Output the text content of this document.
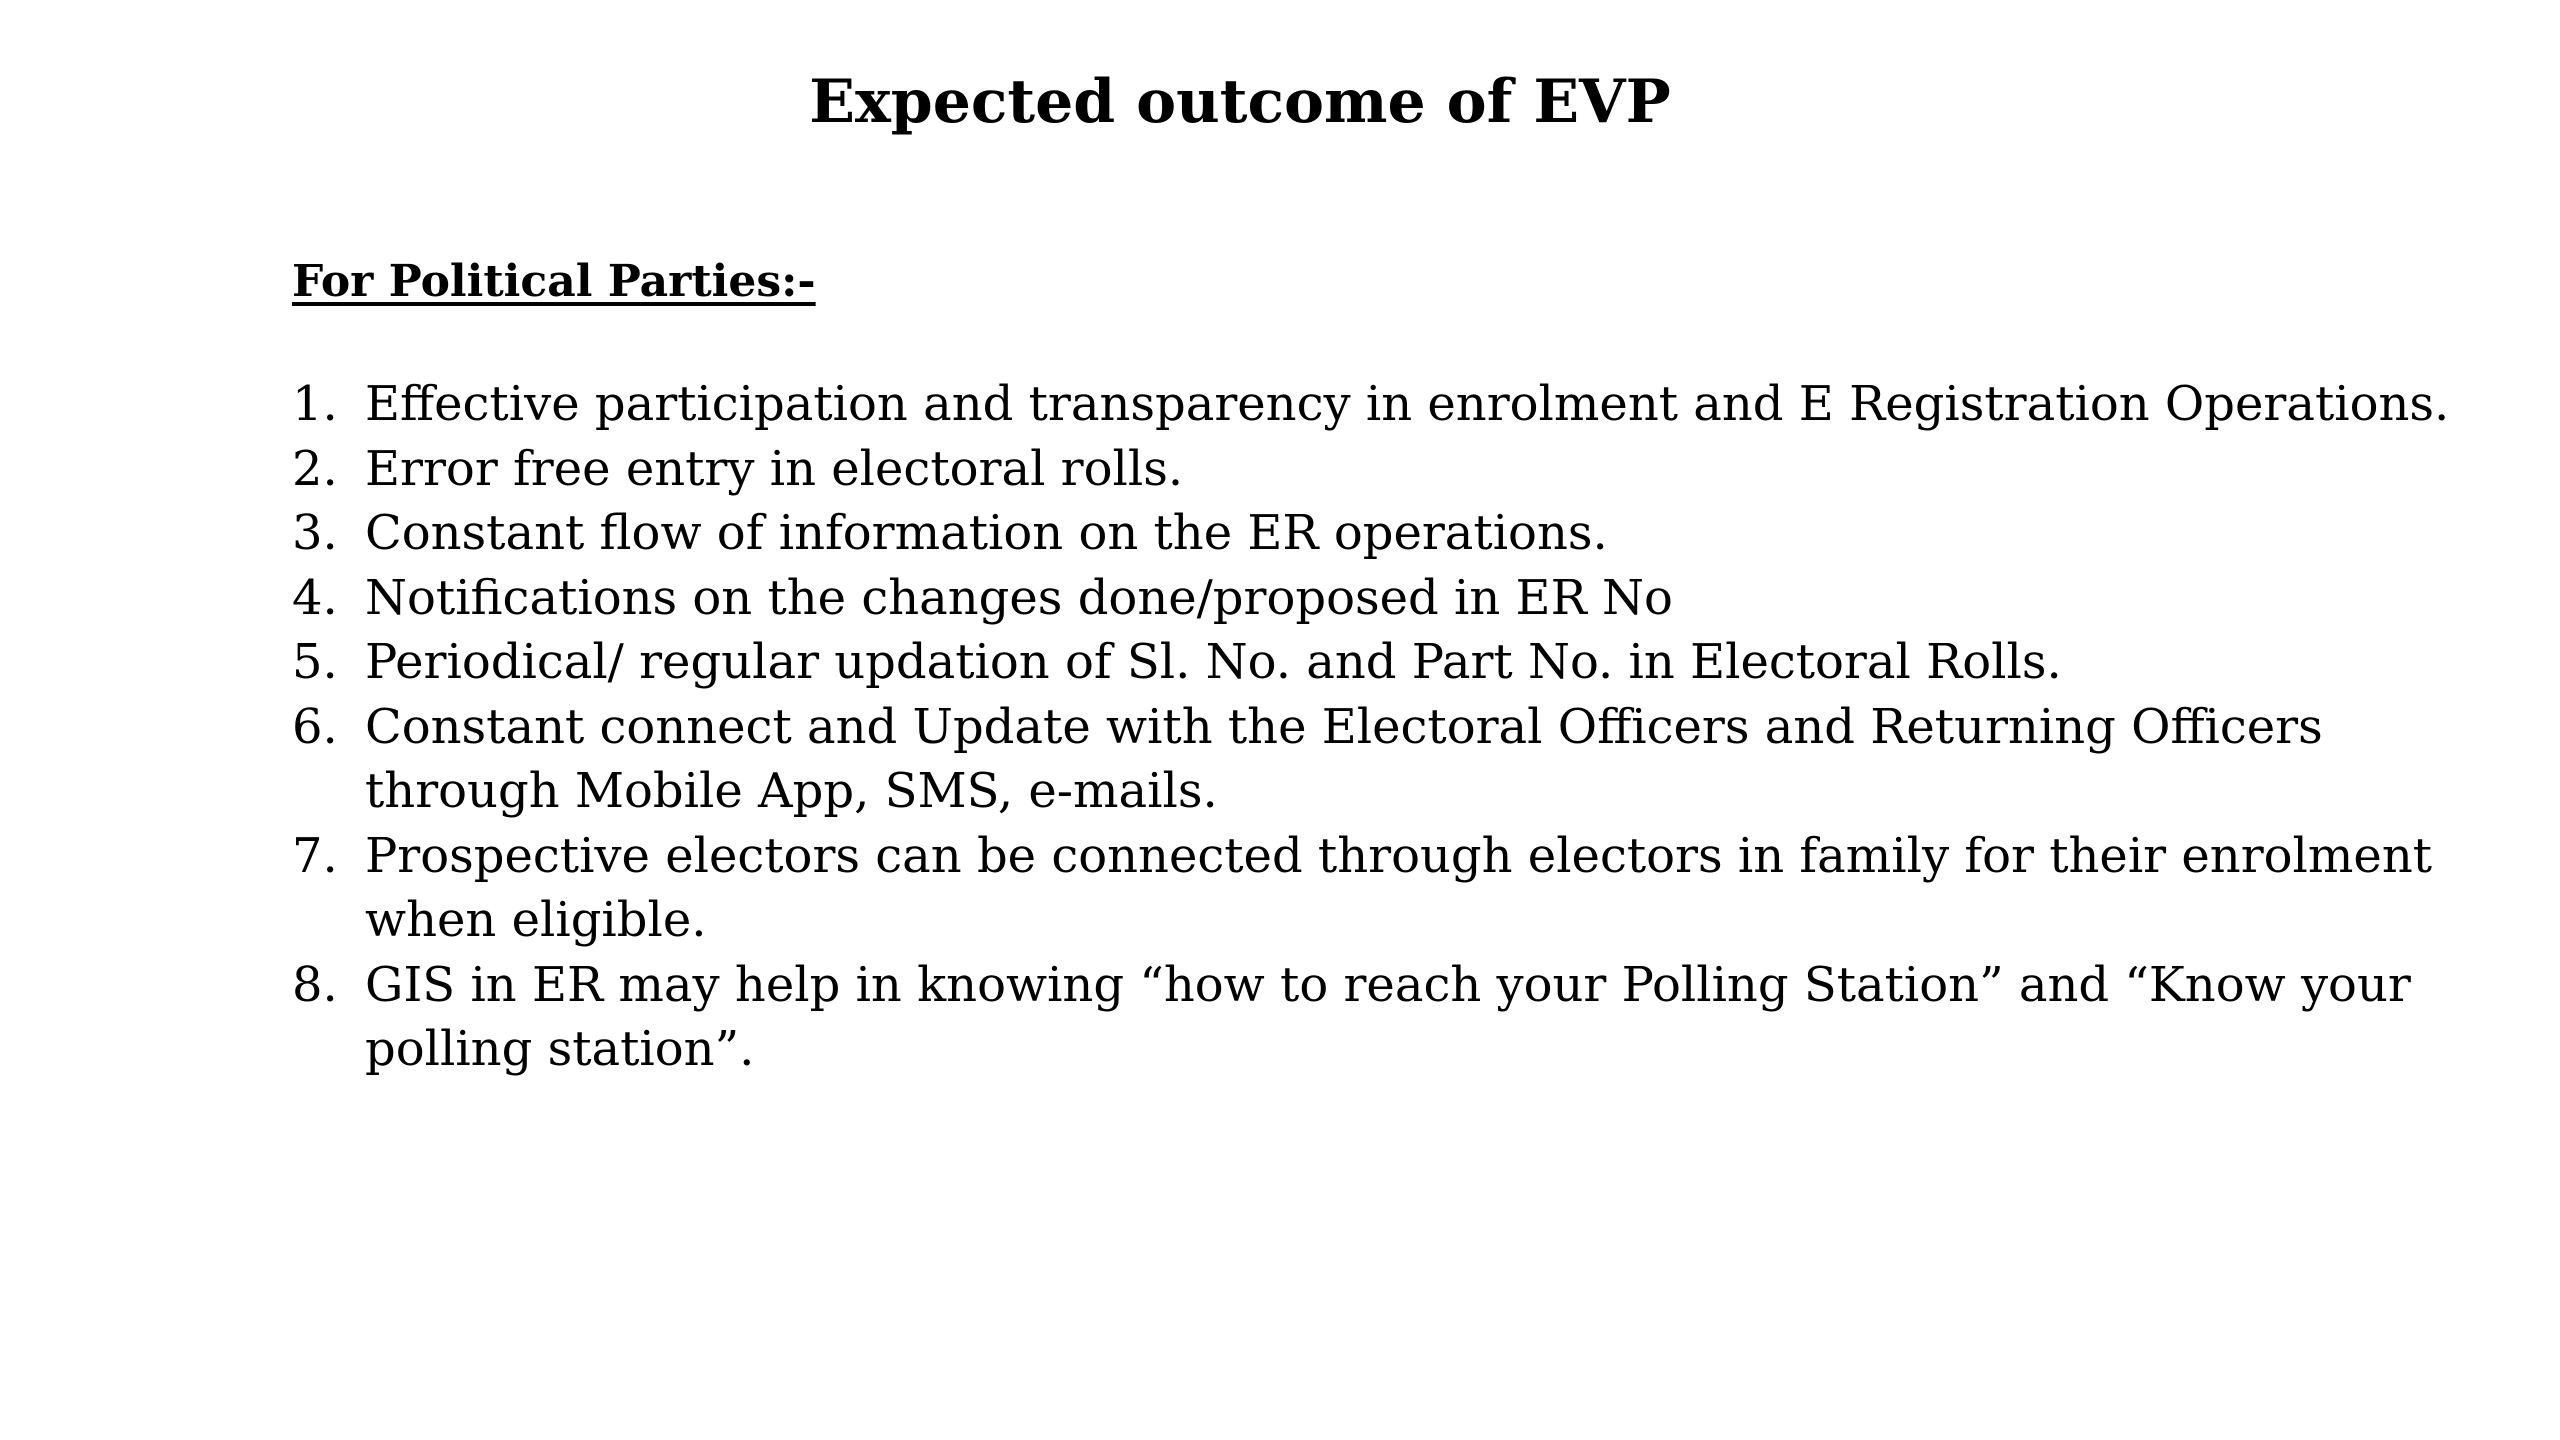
Expected outcome of EVP
For Political Parties:-
1. Effective participation and transparency in enrolment and E Registration Operations.
2. Error free entry in electoral rolls.
3. Constant flow of information on the ER operations.
4. Notifications on the changes done/proposed in ER No
5. Periodical/ regular updation of Sl. No. and Part No. in Electoral Rolls.
6. Constant connect and Update with the Electoral Officers and Returning Officers through Mobile App, SMS, e-mails.
7. Prospective electors can be connected through electors in family for their enrolment when eligible.
8. GIS in ER may help in knowing “how to reach your Polling Station” and “Know your polling station”.
